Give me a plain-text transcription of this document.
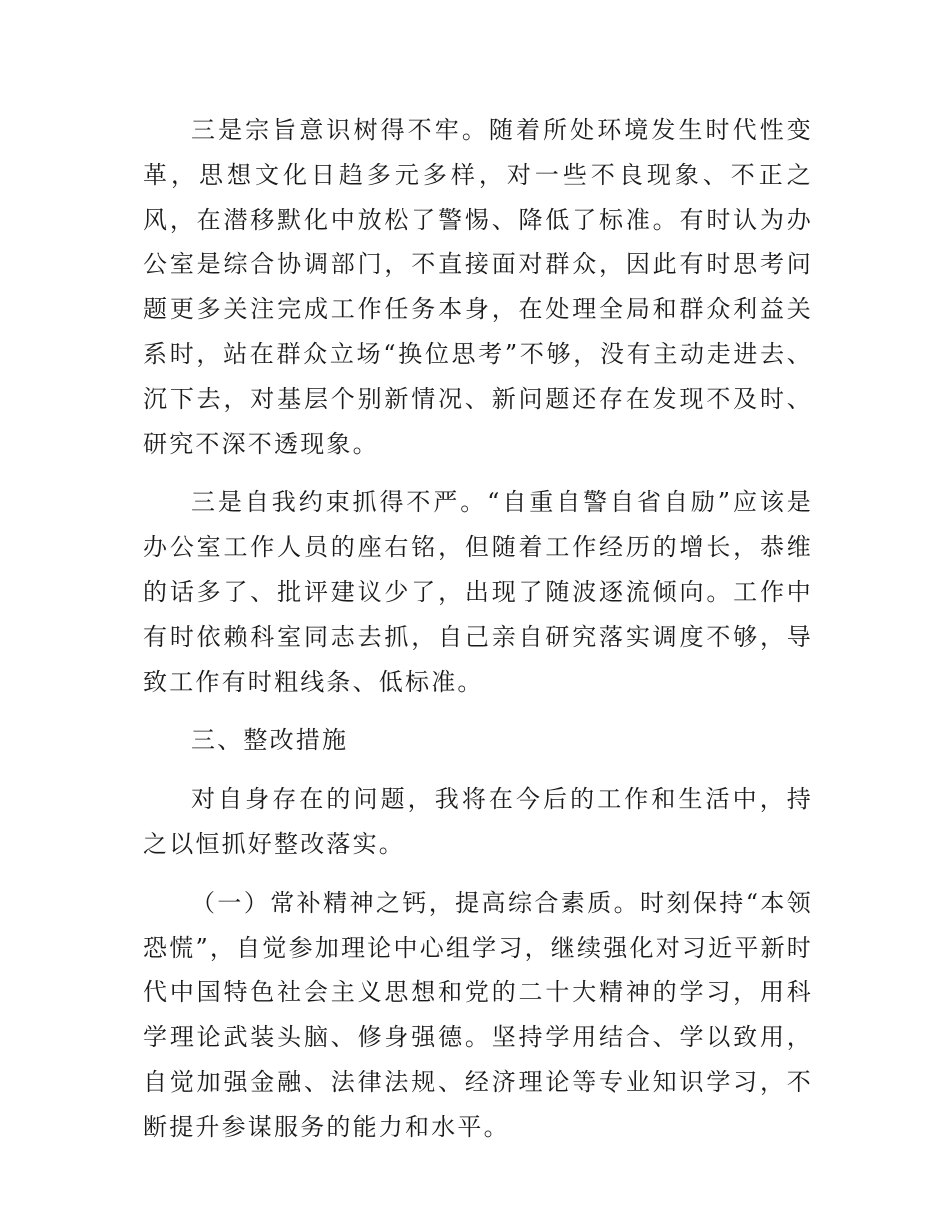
三是宗旨意识树得不牢。随着所处环境发生时代性变革，思想文化日趋多元多样，对一些不良现象、不正之风，在潜移默化中放松了警惕、降低了标准。有时认为办公室是综合协调部门，不直接面对群众，因此有时思考问题更多关注完成工作任务本身，在处理全局和群众利益关系时，站在群众立场“换位思考”不够，没有主动走进去、沉下去，对基层个别新情况、新问题还存在发现不及时、研究不深不透现象。

三是自我约束抓得不严。“自重自警自省自励”应该是办公室工作人员的座右铭，但随着工作经历的增长，恭维的话多了、批评建议少了，出现了随波逐流倾向。工作中有时依赖科室同志去抓，自己亲自研究落实调度不够，导致工作有时粗线条、低标准。

三、整改措施

对自身存在的问题，我将在今后的工作和生活中，持之以恒抓好整改落实。

（一）常补精神之钙，提高综合素质。时刻保持“本领恐慌”，自觉参加理论中心组学习，继续强化对习近平新时代中国特色社会主义思想和党的二十大精神的学习，用科学理论武装头脑、修身强德。坚持学用结合、学以致用，自觉加强金融、法律法规、经济理论等专业知识学习，不断提升参谋服务的能力和水平。
